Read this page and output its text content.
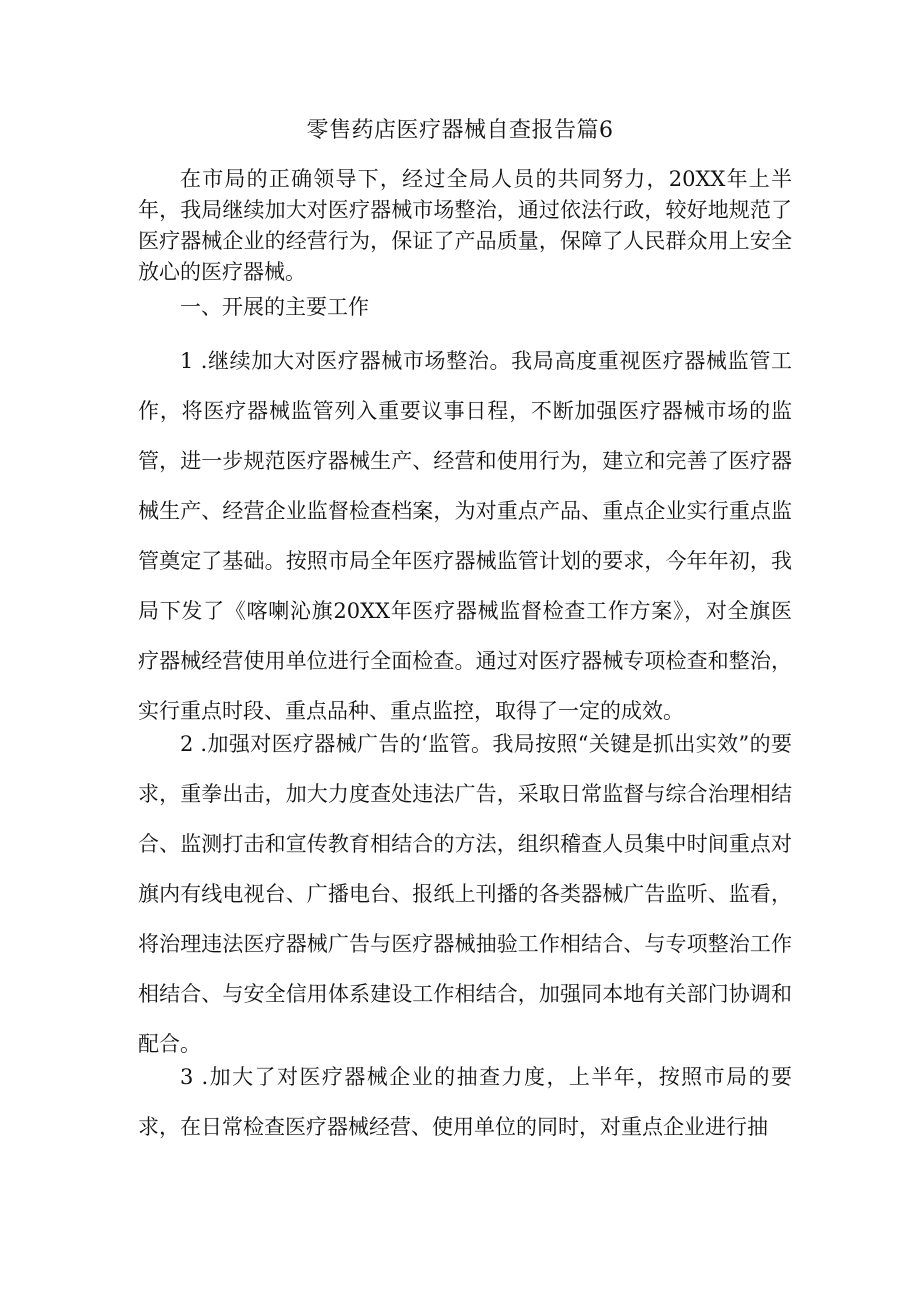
零售药店医疗器械自查报告篇6

在市局的正确领导下，经过全局人员的共同努力，20XX年上半年，我局继续加大对医疗器械市场整治，通过依法行政，较好地规范了医疗器械企业的经营行为，保证了产品质量，保障了人民群众用上安全放心的医疗器械。

一、开展的主要工作

1 .继续加大对医疗器械市场整治。我局高度重视医疗器械监管工作，将医疗器械监管列入重要议事日程，不断加强医疗器械市场的监管，进一步规范医疗器械生产、经营和使用行为，建立和完善了医疗器械生产、经营企业监督检查档案，为对重点产品、重点企业实行重点监管奠定了基础。按照市局全年医疗器械监管计划的要求，今年年初，我局下发了《喀喇沁旗20XX年医疗器械监督检查工作方案》，对全旗医疗器械经营使用单位进行全面检查。通过对医疗器械专项检查和整治，实行重点时段、重点品种、重点监控，取得了一定的成效。

2 .加强对医疗器械广告的‘监管。我局按照“关键是抓出实效”的要求，重拳出击，加大力度查处违法广告，采取日常监督与综合治理相结合、监测打击和宣传教育相结合的方法，组织稽查人员集中时间重点对旗内有线电视台、广播电台、报纸上刊播的各类器械广告监听、监看，将治理违法医疗器械广告与医疗器械抽验工作相结合、与专项整治工作相结合、与安全信用体系建设工作相结合，加强同本地有关部门协调和配合。

3 .加大了对医疗器械企业的抽查力度，上半年，按照市局的要求，在日常检查医疗器械经营、使用单位的同时，对重点企业进行抽
